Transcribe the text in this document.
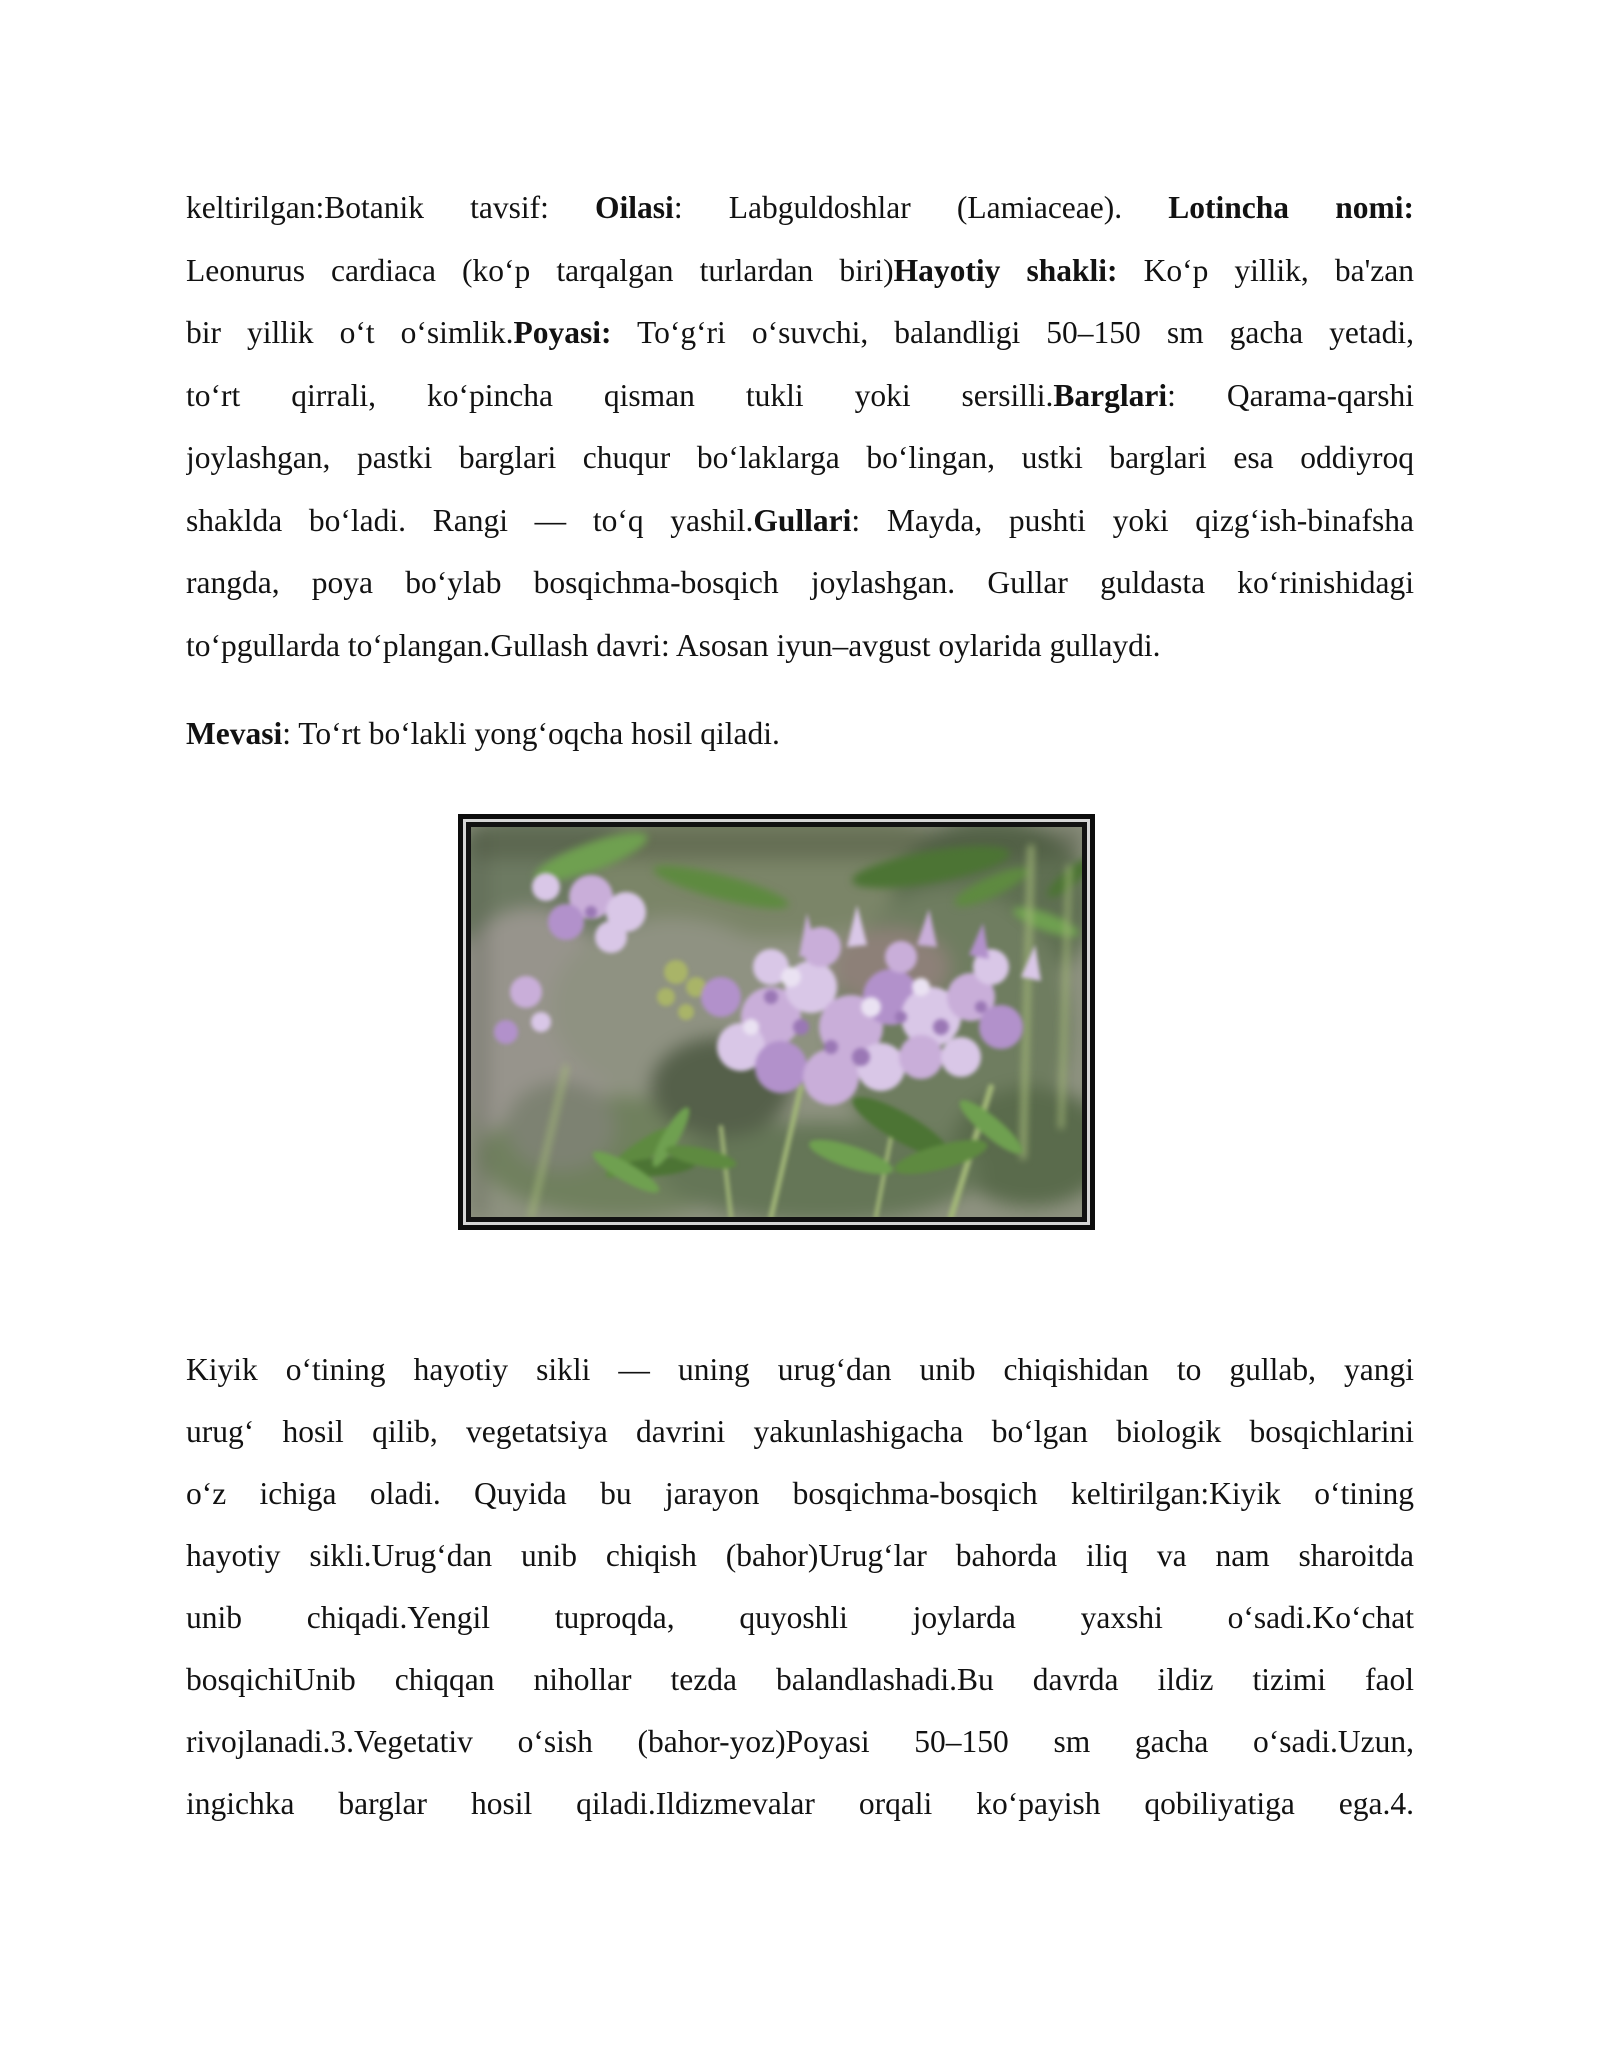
keltirilgan:Botanik tavsif: Oilasi: Labguldoshlar (Lamiaceae). Lotincha nomi:
Leonurus cardiaca (ko‘p tarqalgan turlardan biri)Hayotiy shakli: Ko‘p yillik, ba'zan
bir yillik o‘t o‘simlik.Poyasi: To‘g‘ri o‘suvchi, balandligi 50–150 sm gacha yetadi,
to‘rt qirrali, ko‘pincha qisman tukli yoki sersilli.Barglari: Qarama-qarshi
joylashgan, pastki barglari chuqur bo‘laklarga bo‘lingan, ustki barglari esa oddiyroq
shaklda bo‘ladi. Rangi — to‘q yashil.Gullari: Mayda, pushti yoki qizg‘ish-binafsha
rangda, poya bo‘ylab bosqichma-bosqich joylashgan. Gullar guldasta ko‘rinishidagi
to‘pgullarda to‘plangan.Gullash davri: Asosan iyun–avgust oylarida gullaydi.
Mevasi: To‘rt bo‘lakli yong‘oqcha hosil qiladi.
Kiyik o‘tining hayotiy sikli — uning urug‘dan unib chiqishidan to gullab, yangi
urug‘ hosil qilib, vegetatsiya davrini yakunlashigacha bo‘lgan biologik bosqichlarini
o‘z ichiga oladi. Quyida bu jarayon bosqichma-bosqich keltirilgan:Kiyik o‘tining
hayotiy sikli.Urug‘dan unib chiqish (bahor)Urug‘lar bahorda iliq va nam sharoitda
unib chiqadi.Yengil tuproqda, quyoshli joylarda yaxshi o‘sadi.Ko‘chat
bosqichiUnib chiqqan nihollar tezda balandlashadi.Bu davrda ildiz tizimi faol
rivojlanadi.3.Vegetativ o‘sish (bahor-yoz)Poyasi 50–150 sm gacha o‘sadi.Uzun,
ingichka barglar hosil qiladi.Ildizmevalar orqali ko‘payish qobiliyatiga ega.4.
